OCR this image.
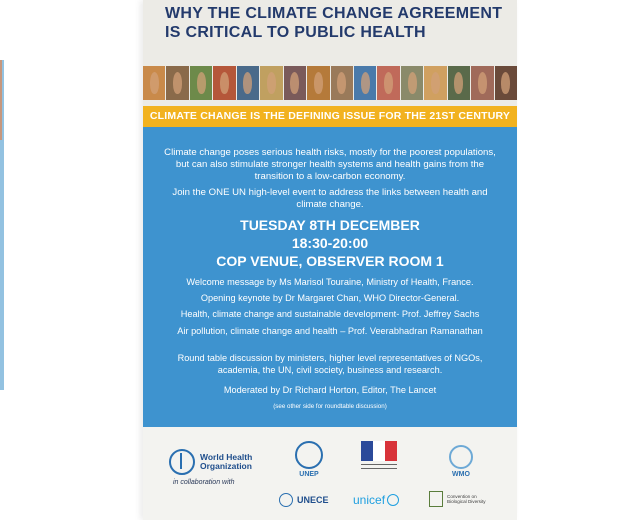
WHY THE CLIMATE CHANGE AGREEMENT
IS CRITICAL TO PUBLIC HEALTH
CLIMATE CHANGE IS THE DEFINING ISSUE FOR THE 21ST CENTURY

Climate change poses serious health risks, mostly for the poorest populations, but can also stimulate stronger health systems and health gains from the transition to a low-carbon economy.

Join the ONE UN high-level event to address the links between health and climate change.

TUESDAY 8TH DECEMBER

18:30-20:00

COP VENUE, OBSERVER ROOM 1

Welcome message by Ms Marisol Touraine, Ministry of Health, France.

Opening keynote by Dr Margaret Chan, WHO Director-General.

Health, climate change and sustainable development- Prof. Jeffrey Sachs

Air pollution, climate change and health – Prof. Veerabhadran Ramanathan

Round table discussion by ministers, higher level representatives of NGOs, academia, the UN, civil society, business and research.

Moderated by Dr Richard Horton, Editor, The Lancet

(see other side for roundtable discussion)
World Health
Organization
in collaboration with
UNEP	WMO
UNECE unicef	Convention on
Biological Diversity
